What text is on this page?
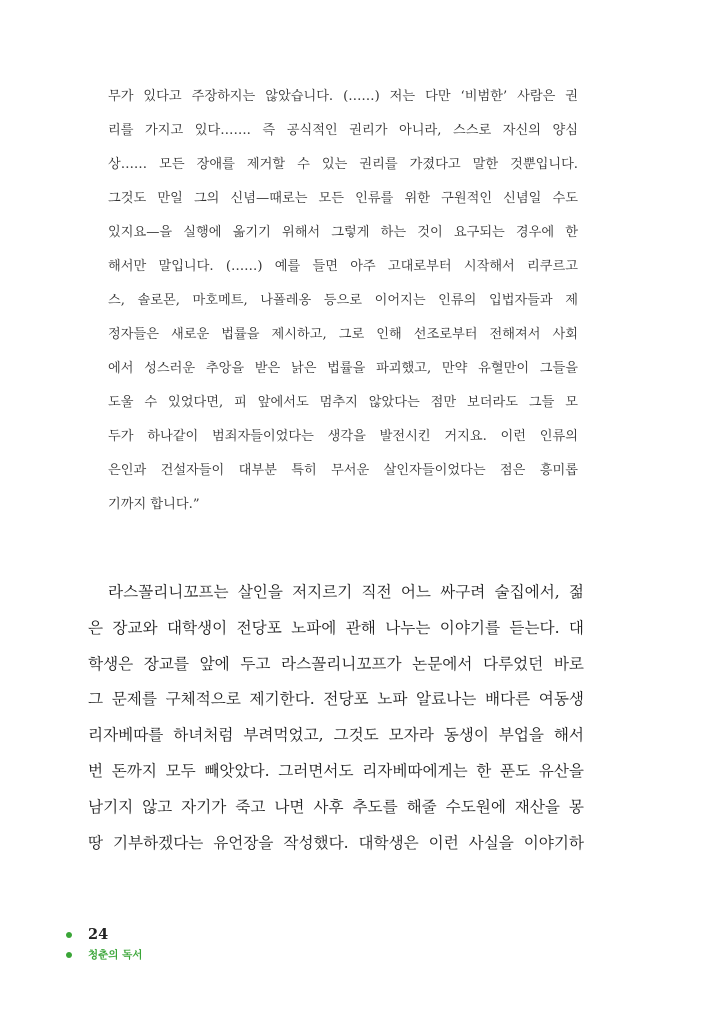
무가 있다고 주장하지는 않았습니다. (……) 저는 다만 ‘비범한’ 사람은 권
리를 가지고 있다……. 즉 공식적인 권리가 아니라, 스스로 자신의 양심
상…… 모든 장애를 제거할 수 있는 권리를 가졌다고 말한 것뿐입니다.
그것도 만일 그의 신념—때로는 모든 인류를 위한 구원적인 신념일 수도
있지요—을 실행에 옮기기 위해서 그렇게 하는 것이 요구되는 경우에 한
해서만 말입니다. (……) 예를 들면 아주 고대로부터 시작해서 리쿠르고
스, 솔로몬, 마호메트, 나폴레옹 등으로 이어지는 인류의 입법자들과 제
정자들은 새로운 법률을 제시하고, 그로 인해 선조로부터 전해져서 사회
에서 성스러운 추앙을 받은 낡은 법률을 파괴했고, 만약 유혈만이 그들을
도울 수 있었다면, 피 앞에서도 멈추지 않았다는 점만 보더라도 그들 모
두가 하나같이 범죄자들이었다는 생각을 발전시킨 거지요. 이런 인류의
은인과 건설자들이 대부분 특히 무서운 살인자들이었다는 점은 흥미롭
기까지 합니다.”
라스꼴리니꼬프는 살인을 저지르기 직전 어느 싸구려 술집에서, 젊
은 장교와 대학생이 전당포 노파에 관해 나누는 이야기를 듣는다. 대
학생은 장교를 앞에 두고 라스꼴리니꼬프가 논문에서 다루었던 바로
그 문제를 구체적으로 제기한다. 전당포 노파 알료나는 배다른 여동생
리자베따를 하녀처럼 부려먹었고, 그것도 모자라 동생이 부업을 해서
번 돈까지 모두 빼앗았다. 그러면서도 리자베따에게는 한 푼도 유산을
남기지 않고 자기가 죽고 나면 사후 추도를 해줄 수도원에 재산을 몽
땅 기부하겠다는 유언장을 작성했다. 대학생은 이런 사실을 이야기하
24
청춘의 독서
